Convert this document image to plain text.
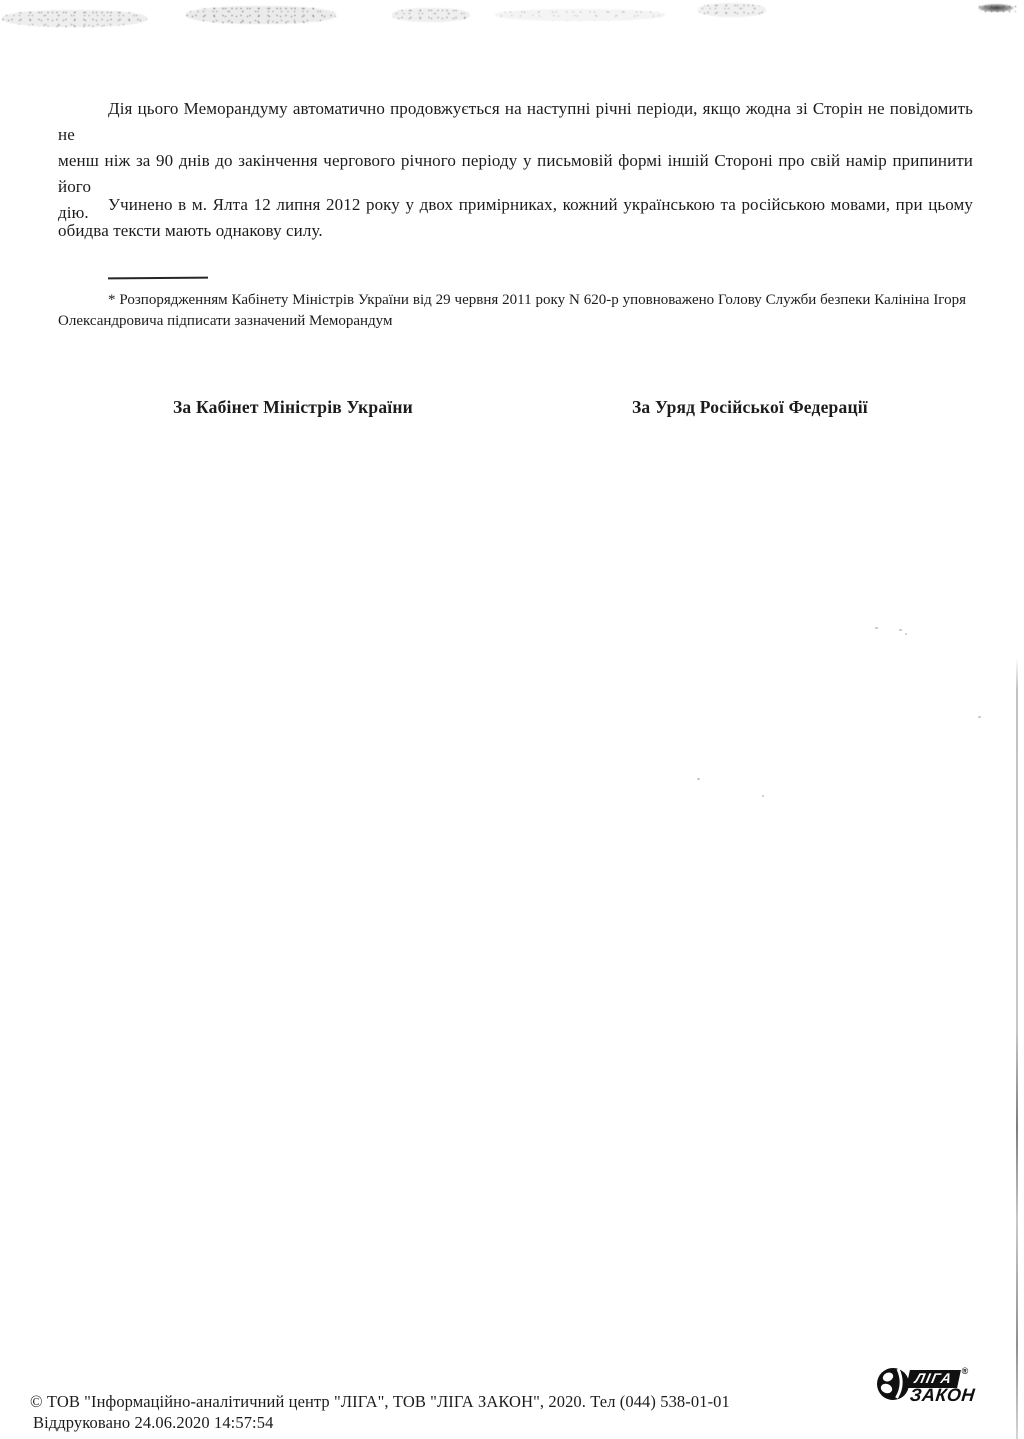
Дія цього Меморандуму автоматично продовжується на наступні річні періоди, якщо жодна зі Сторін не повідомить не
менш ніж за 90 днів до закінчення чергового річного періоду у письмовій формі іншій Стороні про свій намір припинити його
дію.	Учинено в м. Ялта 12 липня 2012 року у двох примірниках, кожний українською та російською мовами, при цьому
обидва тексти мають однакову силу.
* Розпорядженням Кабінету Міністрів України від 29 червня 2011 року N 620-р уповноважено Голову Служби безпеки Калініна Ігоря
Олександровича підписати зазначений Меморандум
За Кабінет Міністрів України	За Уряд Російської Федерації
© ТОВ "Інформаційно-аналітичний центр "ЛІГА", ТОВ "ЛІГА ЗАКОН", 2020. Тел (044) 538-01-01
Віддруковано 24.06.2020 14:57:54
ЛІГА ®
ЗАКОН
